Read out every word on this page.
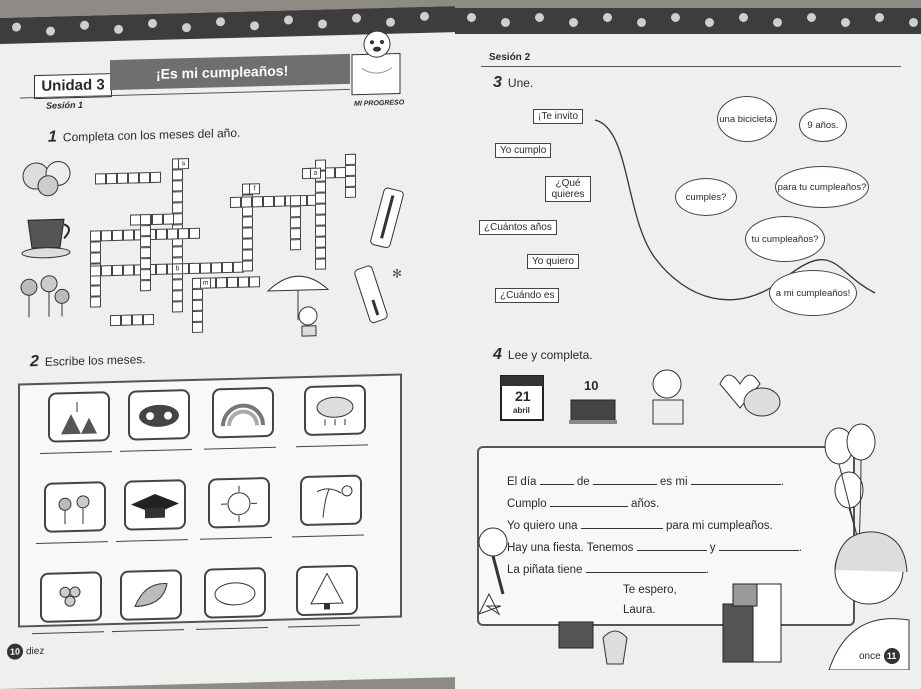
Unidad 3
¡Es mi cumpleaños!
Sesión 1	MI PROGRESO
1 Completa con los meses del año.
✻
s
a
f
b
m
2 Escribe los meses.
10 diez
Sesión 2
3 Une.
¡Te invito
Yo cumplo
¿Qué quieres
¿Cuántos años
Yo quiero
¿Cuándo es
una bicicleta.
9 años.
para tu cumpleaños?
cumples?
tu cumpleaños?
a mi cumpleaños!
4 Lee y completa.
21
abril
10
El día	de	es mi	.
Cumplo	años.
Yo quiero una	para mi cumpleaños.
Hay una fiesta. Tenemos	y	.
La piñata tiene	.
Te espero,
Laura.
once 11
